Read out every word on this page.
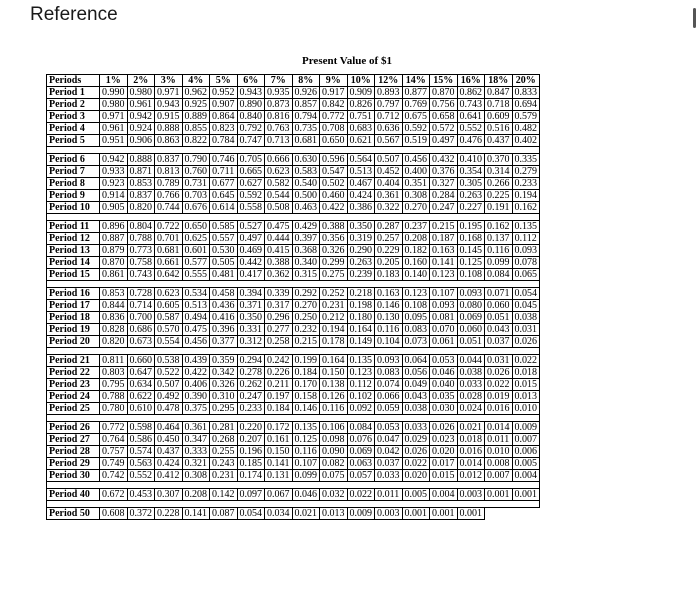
Reference
Present Value of $1
Periods	1%	2%	3%	4%	5%	6%	7%	8%	9%	10%	12%	14%	15%	16%	18%	20%
Period 1	0.990	0.980	0.971	0.962	0.952	0.943	0.935	0.926	0.917	0.909	0.893	0.877	0.870	0.862	0.847	0.833
Period 2	0.980	0.961	0.943	0.925	0.907	0.890	0.873	0.857	0.842	0.826	0.797	0.769	0.756	0.743	0.718	0.694
Period 3	0.971	0.942	0.915	0.889	0.864	0.840	0.816	0.794	0.772	0.751	0.712	0.675	0.658	0.641	0.609	0.579
Period 4	0.961	0.924	0.888	0.855	0.823	0.792	0.763	0.735	0.708	0.683	0.636	0.592	0.572	0.552	0.516	0.482
Period 5	0.951	0.906	0.863	0.822	0.784	0.747	0.713	0.681	0.650	0.621	0.567	0.519	0.497	0.476	0.437	0.402

Period 6	0.942	0.888	0.837	0.790	0.746	0.705	0.666	0.630	0.596	0.564	0.507	0.456	0.432	0.410	0.370	0.335
Period 7	0.933	0.871	0.813	0.760	0.711	0.665	0.623	0.583	0.547	0.513	0.452	0.400	0.376	0.354	0.314	0.279
Period 8	0.923	0.853	0.789	0.731	0.677	0.627	0.582	0.540	0.502	0.467	0.404	0.351	0.327	0.305	0.266	0.233
Period 9	0.914	0.837	0.766	0.703	0.645	0.592	0.544	0.500	0.460	0.424	0.361	0.308	0.284	0.263	0.225	0.194
Period 10	0.905	0.820	0.744	0.676	0.614	0.558	0.508	0.463	0.422	0.386	0.322	0.270	0.247	0.227	0.191	0.162

Period 11	0.896	0.804	0.722	0.650	0.585	0.527	0.475	0.429	0.388	0.350	0.287	0.237	0.215	0.195	0.162	0.135
Period 12	0.887	0.788	0.701	0.625	0.557	0.497	0.444	0.397	0.356	0.319	0.257	0.208	0.187	0.168	0.137	0.112
Period 13	0.879	0.773	0.681	0.601	0.530	0.469	0.415	0.368	0.326	0.290	0.229	0.182	0.163	0.145	0.116	0.093
Period 14	0.870	0.758	0.661	0.577	0.505	0.442	0.388	0.340	0.299	0.263	0.205	0.160	0.141	0.125	0.099	0.078
Period 15	0.861	0.743	0.642	0.555	0.481	0.417	0.362	0.315	0.275	0.239	0.183	0.140	0.123	0.108	0.084	0.065

Period 16	0.853	0.728	0.623	0.534	0.458	0.394	0.339	0.292	0.252	0.218	0.163	0.123	0.107	0.093	0.071	0.054
Period 17	0.844	0.714	0.605	0.513	0.436	0.371	0.317	0.270	0.231	0.198	0.146	0.108	0.093	0.080	0.060	0.045
Period 18	0.836	0.700	0.587	0.494	0.416	0.350	0.296	0.250	0.212	0.180	0.130	0.095	0.081	0.069	0.051	0.038
Period 19	0.828	0.686	0.570	0.475	0.396	0.331	0.277	0.232	0.194	0.164	0.116	0.083	0.070	0.060	0.043	0.031
Period 20	0.820	0.673	0.554	0.456	0.377	0.312	0.258	0.215	0.178	0.149	0.104	0.073	0.061	0.051	0.037	0.026

Period 21	0.811	0.660	0.538	0.439	0.359	0.294	0.242	0.199	0.164	0.135	0.093	0.064	0.053	0.044	0.031	0.022
Period 22	0.803	0.647	0.522	0.422	0.342	0.278	0.226	0.184	0.150	0.123	0.083	0.056	0.046	0.038	0.026	0.018
Period 23	0.795	0.634	0.507	0.406	0.326	0.262	0.211	0.170	0.138	0.112	0.074	0.049	0.040	0.033	0.022	0.015
Period 24	0.788	0.622	0.492	0.390	0.310	0.247	0.197	0.158	0.126	0.102	0.066	0.043	0.035	0.028	0.019	0.013
Period 25	0.780	0.610	0.478	0.375	0.295	0.233	0.184	0.146	0.116	0.092	0.059	0.038	0.030	0.024	0.016	0.010

Period 26	0.772	0.598	0.464	0.361	0.281	0.220	0.172	0.135	0.106	0.084	0.053	0.033	0.026	0.021	0.014	0.009
Period 27	0.764	0.586	0.450	0.347	0.268	0.207	0.161	0.125	0.098	0.076	0.047	0.029	0.023	0.018	0.011	0.007
Period 28	0.757	0.574	0.437	0.333	0.255	0.196	0.150	0.116	0.090	0.069	0.042	0.026	0.020	0.016	0.010	0.006
Period 29	0.749	0.563	0.424	0.321	0.243	0.185	0.141	0.107	0.082	0.063	0.037	0.022	0.017	0.014	0.008	0.005
Period 30	0.742	0.552	0.412	0.308	0.231	0.174	0.131	0.099	0.075	0.057	0.033	0.020	0.015	0.012	0.007	0.004

Period 40	0.672	0.453	0.307	0.208	0.142	0.097	0.067	0.046	0.032	0.022	0.011	0.005	0.004	0.003	0.001	0.001

Period 50	0.608	0.372	0.228	0.141	0.087	0.054	0.034	0.021	0.013	0.009	0.003	0.001	0.001	0.001		
